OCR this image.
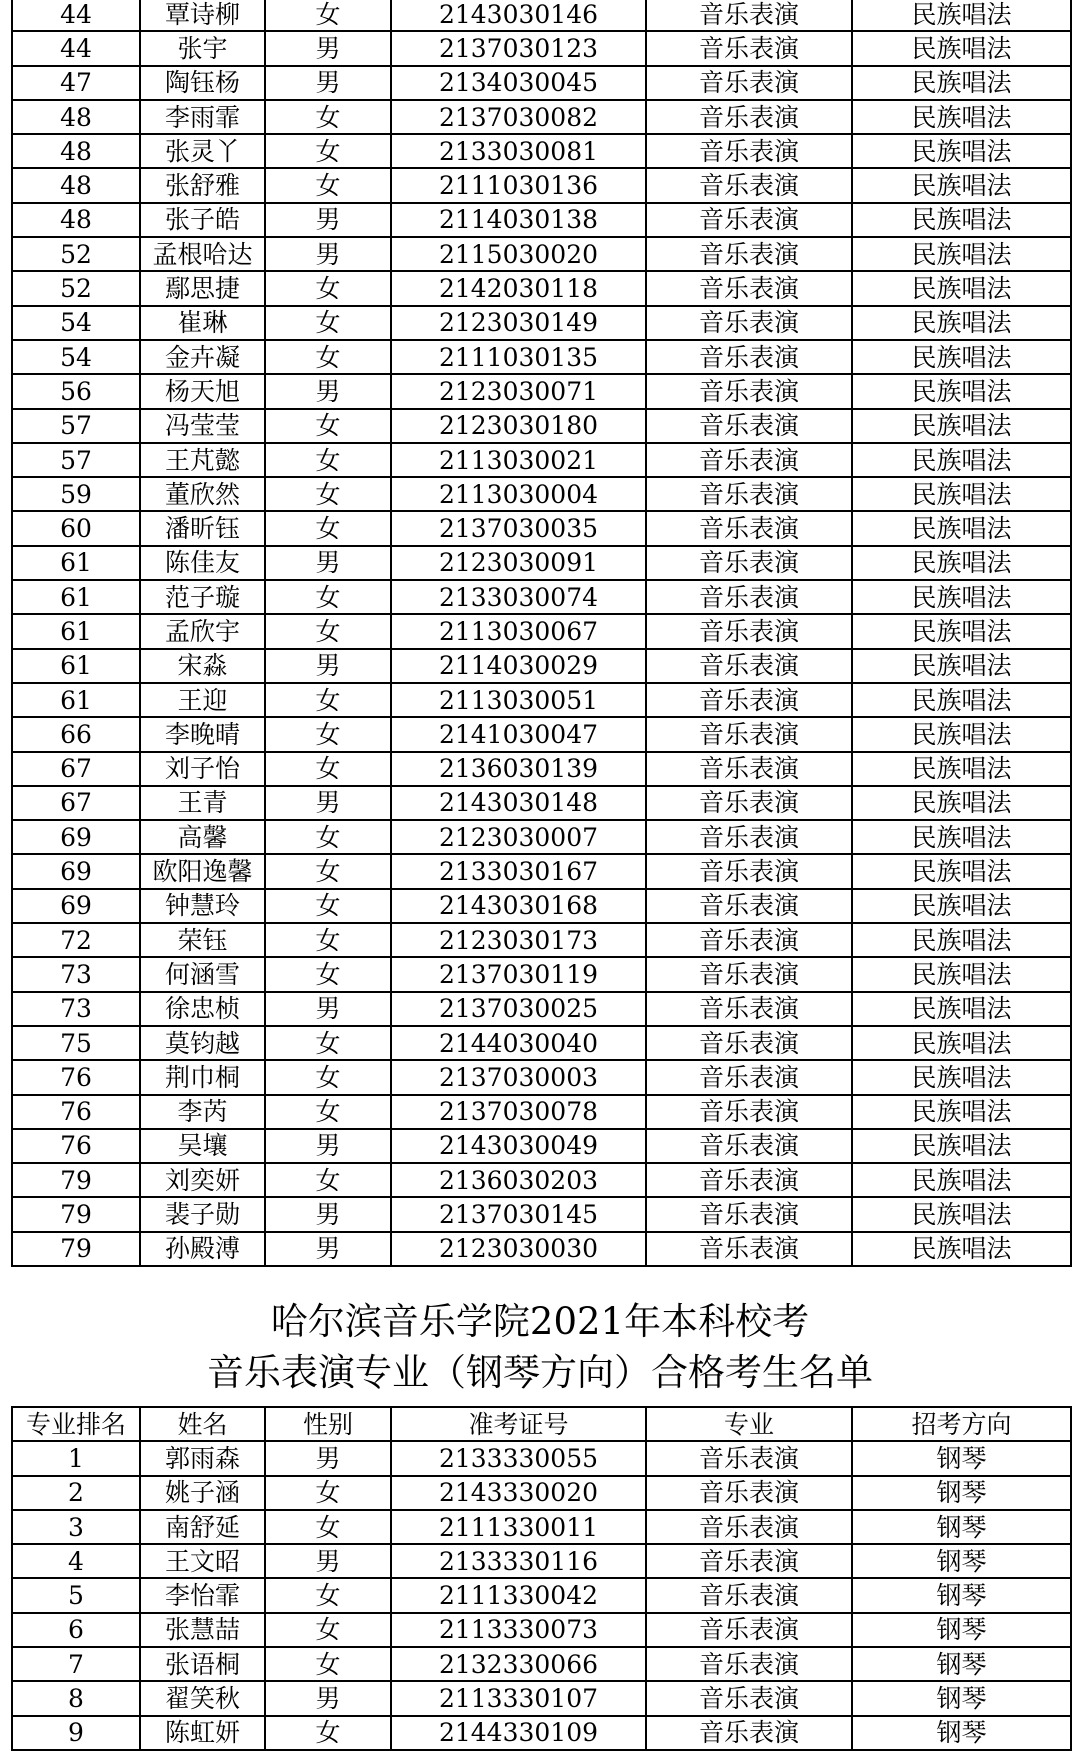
44	覃诗柳	女	2143030146	音乐表演	民族唱法
44	张宇	男	2137030123	音乐表演	民族唱法
47	陶钰杨	男	2134030045	音乐表演	民族唱法
48	李雨霏	女	2137030082	音乐表演	民族唱法
48	张灵丫	女	2133030081	音乐表演	民族唱法
48	张舒雅	女	2111030136	音乐表演	民族唱法
48	张子皓	男	2114030138	音乐表演	民族唱法
52	孟根哈达	男	2115030020	音乐表演	民族唱法
52	鄢思捷	女	2142030118	音乐表演	民族唱法
54	崔琳	女	2123030149	音乐表演	民族唱法
54	金卉凝	女	2111030135	音乐表演	民族唱法
56	杨天旭	男	2123030071	音乐表演	民族唱法
57	冯莹莹	女	2123030180	音乐表演	民族唱法
57	王芃懿	女	2113030021	音乐表演	民族唱法
59	董欣然	女	2113030004	音乐表演	民族唱法
60	潘昕钰	女	2137030035	音乐表演	民族唱法
61	陈佳友	男	2123030091	音乐表演	民族唱法
61	范子璇	女	2133030074	音乐表演	民族唱法
61	孟欣宇	女	2113030067	音乐表演	民族唱法
61	宋淼	男	2114030029	音乐表演	民族唱法
61	王迎	女	2113030051	音乐表演	民族唱法
66	李晚晴	女	2141030047	音乐表演	民族唱法
67	刘子怡	女	2136030139	音乐表演	民族唱法
67	王青	男	2143030148	音乐表演	民族唱法
69	高馨	女	2123030007	音乐表演	民族唱法
69	欧阳逸馨	女	2133030167	音乐表演	民族唱法
69	钟慧玲	女	2143030168	音乐表演	民族唱法
72	荣钰	女	2123030173	音乐表演	民族唱法
73	何涵雪	女	2137030119	音乐表演	民族唱法
73	徐忠桢	男	2137030025	音乐表演	民族唱法
75	莫钧越	女	2144030040	音乐表演	民族唱法
76	荆巾桐	女	2137030003	音乐表演	民族唱法
76	李芮	女	2137030078	音乐表演	民族唱法
76	吴壤	男	2143030049	音乐表演	民族唱法
79	刘奕妍	女	2136030203	音乐表演	民族唱法
79	裴子勋	男	2137030145	音乐表演	民族唱法
79	孙殿溥	男	2123030030	音乐表演	民族唱法
哈尔滨音乐学院2021年本科校考
音乐表演专业（钢琴方向）合格考生名单
专业排名	姓名	性别	准考证号	专业	招考方向
1	郭雨森	男	2133330055	音乐表演	钢琴
2	姚子涵	女	2143330020	音乐表演	钢琴
3	南舒延	女	2111330011	音乐表演	钢琴
4	王文昭	男	2133330116	音乐表演	钢琴
5	李怡霏	女	2111330042	音乐表演	钢琴
6	张慧喆	女	2113330073	音乐表演	钢琴
7	张语桐	女	2132330066	音乐表演	钢琴
8	翟笑秋	男	2113330107	音乐表演	钢琴
9	陈虹妍	女	2144330109	音乐表演	钢琴
